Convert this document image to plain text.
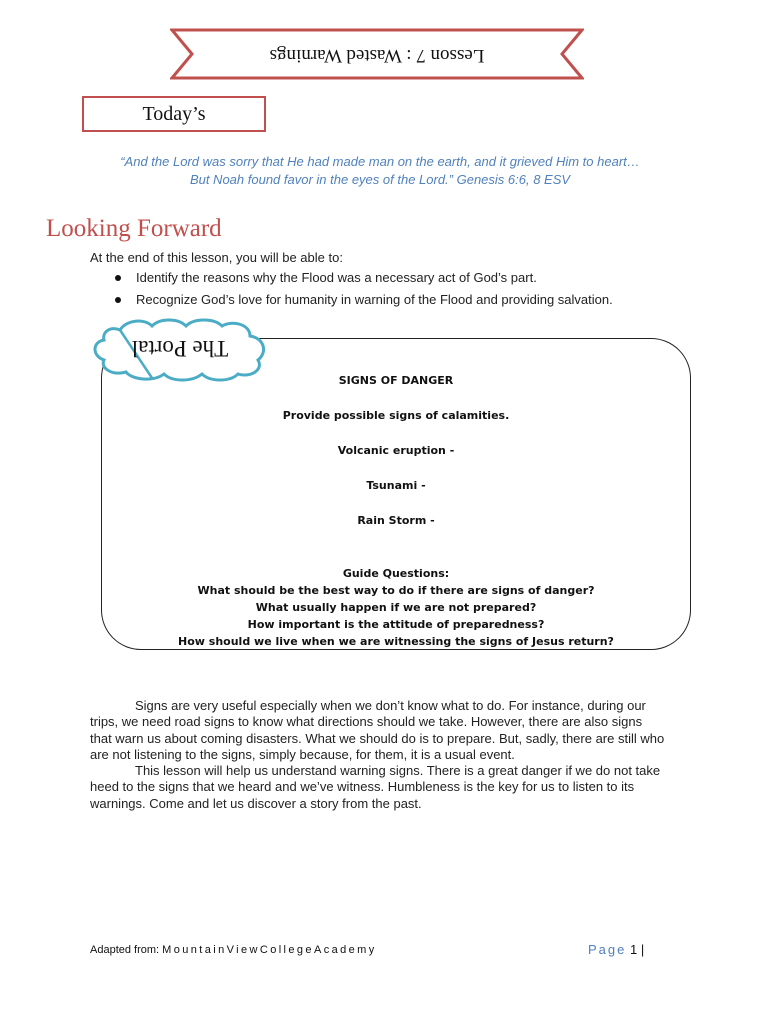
Lesson 7 : Wasted Warnings
Today’s
“And the Lord was sorry that He had made man on the earth, and it grieved Him to heart…
But Noah found favor in the eyes of the Lord.” Genesis 6:6, 8 ESV
Looking Forward
At the end of this lesson, you will be able to:
Identify the reasons why the Flood was a necessary act of God’s part.
Recognize God’s love for humanity in warning of the Flood and providing salvation.

SIGNS OF DANGER

Provide possible signs of calamities.

Volcanic eruption -

Tsunami -

Rain Storm -

Guide Questions:

What should be the best way to do if there are signs of danger?

What usually happen if we are not prepared?

How important is the attitude of preparedness?

How should we live when we are witnessing the signs of Jesus return?

The Portal

Signs are very useful especially when we don’t know what to do. For instance, during our trips, we need road signs to know what directions should we take. However, there are also signs that warn us about coming disasters. What we should do is to prepare. But, sadly, there are still who are not listening to the signs, simply because, for them, it is a usual event.

This lesson will help us understand warning signs. There is a great danger if we do not take heed to the signs that we heard and we’ve witness. Humbleness is the key for us to listen to its warnings. Come and let us discover a story from the past.

Adapted from: MountainViewCollegeAcademy	Page 1 |
